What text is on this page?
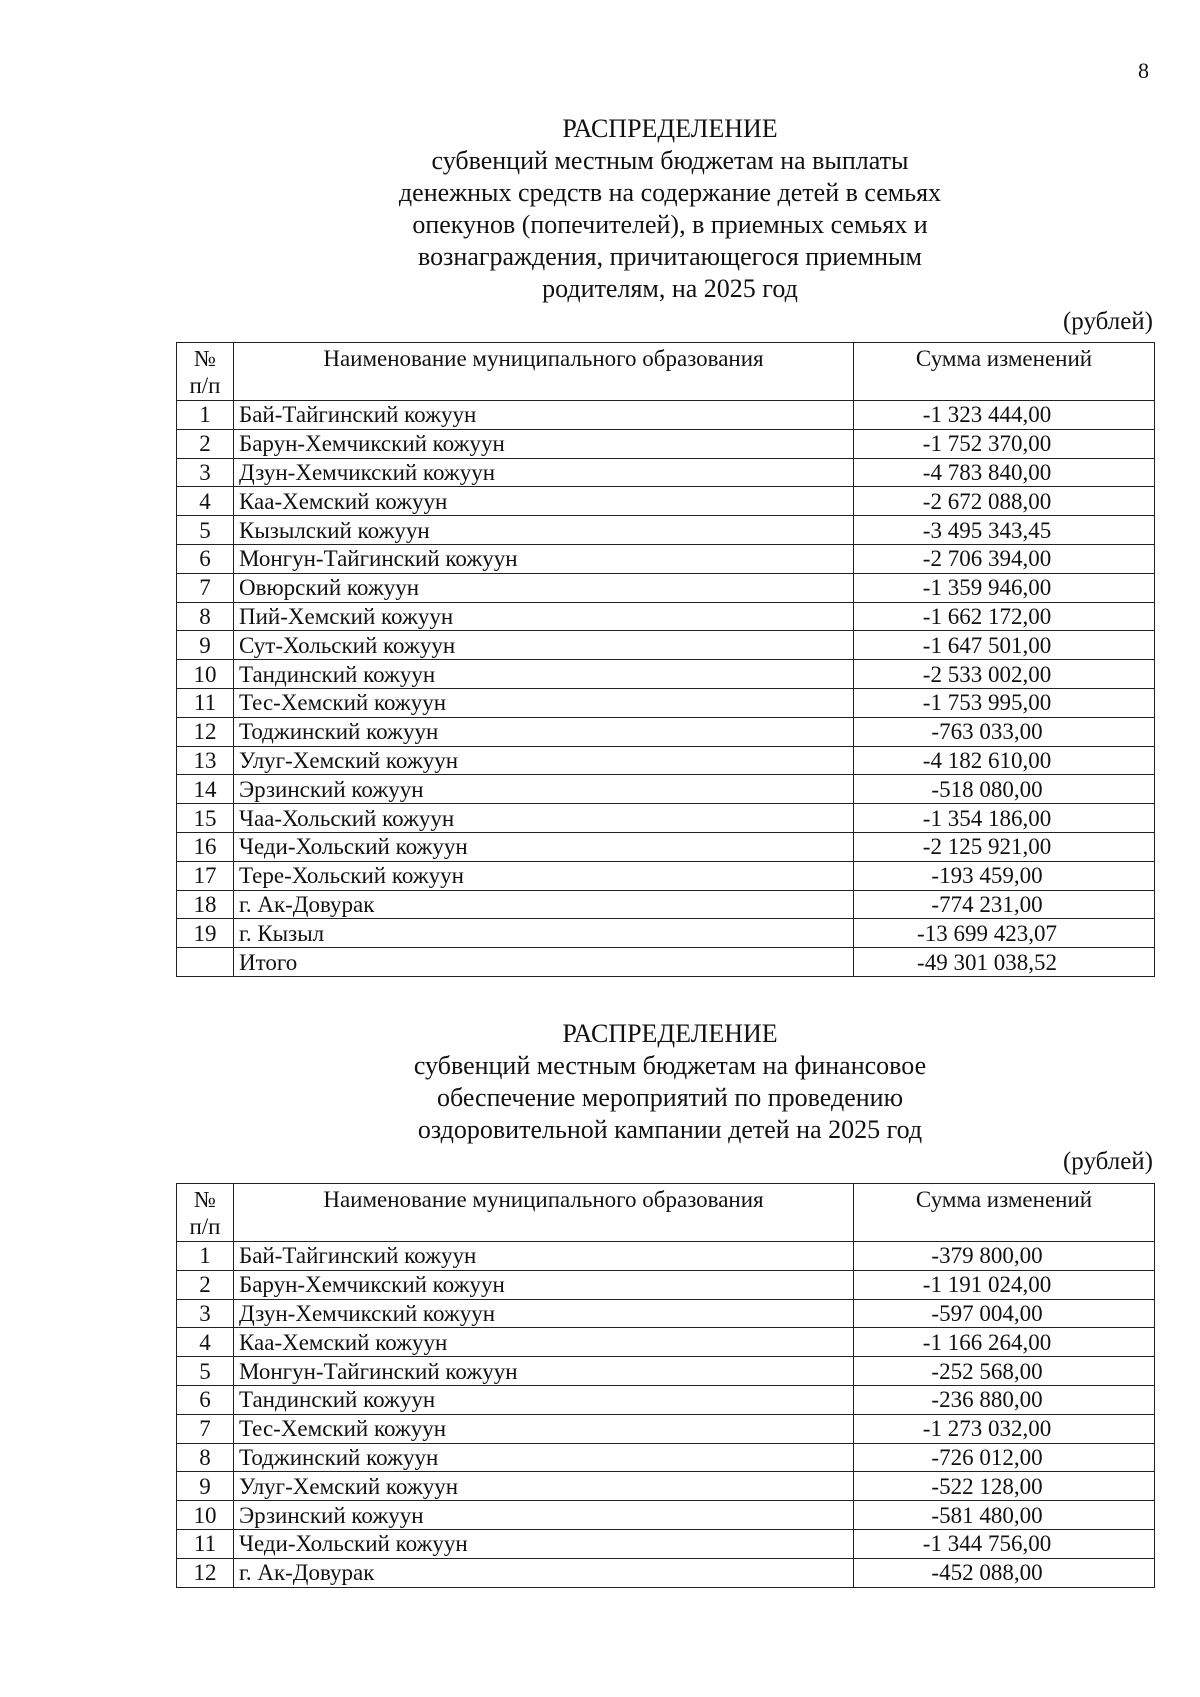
8
РАСПРЕДЕЛЕНИЕ
субвенций местным бюджетам на выплаты
денежных средств на содержание детей в семьях
опекунов (попечителей), в приемных семьях и
вознаграждения, причитающегося приемным
родителям, на 2025 год
(рублей)
№
п/п	Наименование муниципального образования	Сумма изменений
1	Бай-Тайгинский кожуун	-1 323 444,00
2	Барун-Хемчикский кожуун	-1 752 370,00
3	Дзун-Хемчикский кожуун	-4 783 840,00
4	Каа-Хемский кожуун	-2 672 088,00
5	Кызылский кожуун	-3 495 343,45
6	Монгун-Тайгинский кожуун	-2 706 394,00
7	Овюрский кожуун	-1 359 946,00
8	Пий-Хемский кожуун	-1 662 172,00
9	Сут-Хольский кожуун	-1 647 501,00
10	Тандинский кожуун	-2 533 002,00
11	Тес-Хемский кожуун	-1 753 995,00
12	Тоджинский кожуун	-763 033,00
13	Улуг-Хемский кожуун	-4 182 610,00
14	Эрзинский кожуун	-518 080,00
15	Чаа-Хольский кожуун	-1 354 186,00
16	Чеди-Хольский кожуун	-2 125 921,00
17	Тере-Хольский кожуун	-193 459,00
18	г. Ак-Довурак	-774 231,00
19	г. Кызыл	-13 699 423,07
	Итого	-49 301 038,52
РАСПРЕДЕЛЕНИЕ
субвенций местным бюджетам на финансовое
обеспечение мероприятий по проведению
оздоровительной кампании детей на 2025 год
(рублей)
№
п/п	Наименование муниципального образования	Сумма изменений
1	Бай-Тайгинский кожуун	-379 800,00
2	Барун-Хемчикский кожуун	-1 191 024,00
3	Дзун-Хемчикский кожуун	-597 004,00
4	Каа-Хемский кожуун	-1 166 264,00
5	Монгун-Тайгинский кожуун	-252 568,00
6	Тандинский кожуун	-236 880,00
7	Тес-Хемский кожуун	-1 273 032,00
8	Тоджинский кожуун	-726 012,00
9	Улуг-Хемский кожуун	-522 128,00
10	Эрзинский кожуун	-581 480,00
11	Чеди-Хольский кожуун	-1 344 756,00
12	г. Ак-Довурак	-452 088,00
